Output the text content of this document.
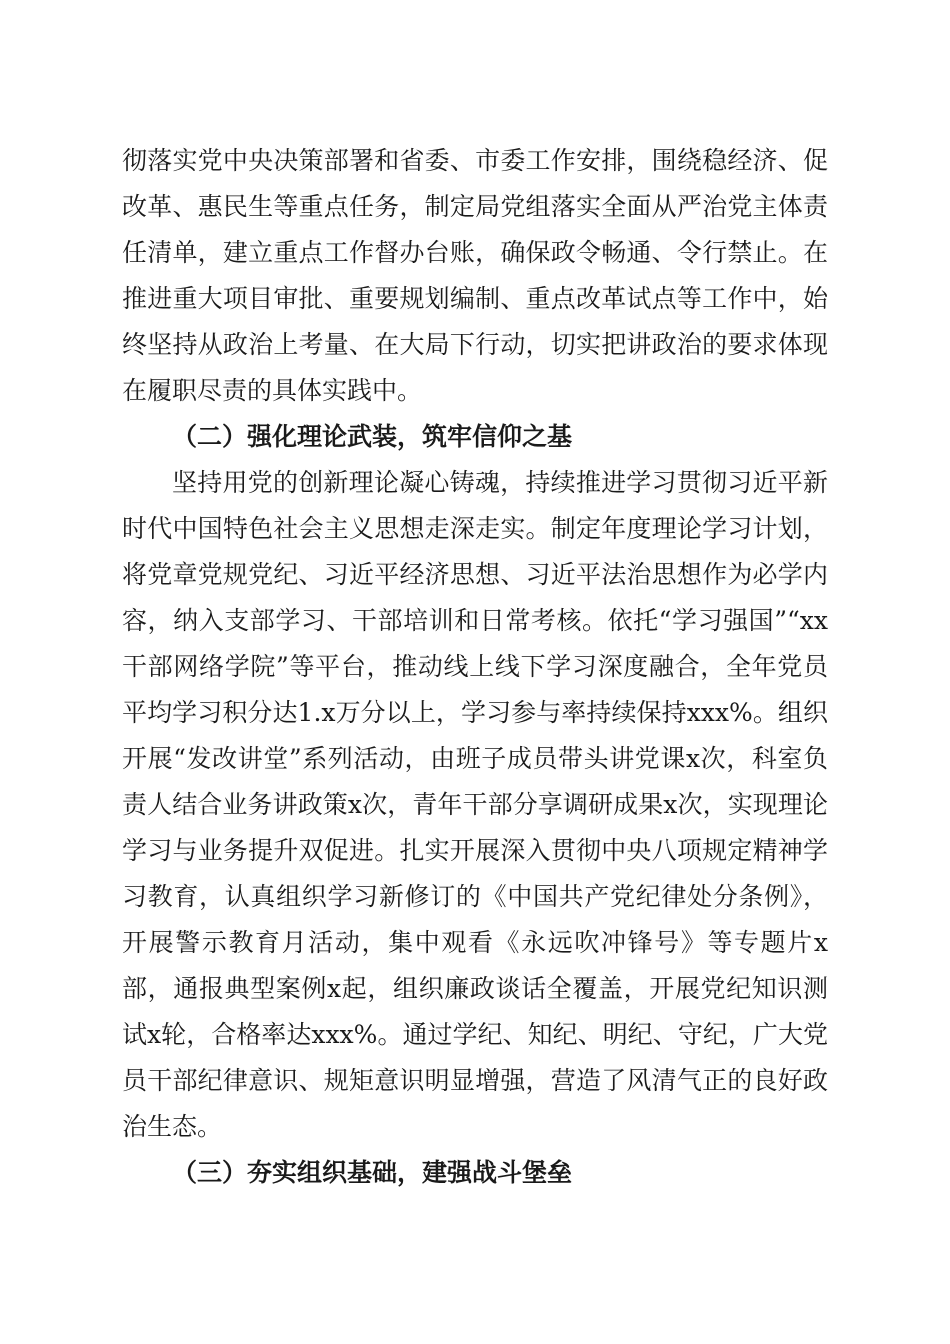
彻落实党中央决策部署和省委、市委工作安排，围绕稳经济、促改革、惠民生等重点任务，制定局党组落实全面从严治党主体责任清单，建立重点工作督办台账，确保政令畅通、令行禁止。在推进重大项目审批、重要规划编制、重点改革试点等工作中，始终坚持从政治上考量、在大局下行动，切实把讲政治的要求体现在履职尽责的具体实践中。

（二）强化理论武装，筑牢信仰之基

坚持用党的创新理论凝心铸魂，持续推进学习贯彻习近平新时代中国特色社会主义思想走深走实。制定年度理论学习计划，将党章党规党纪、习近平经济思想、习近平法治思想作为必学内容，纳入支部学习、干部培训和日常考核。依托“学习强国”“xx干部网络学院”等平台，推动线上线下学习深度融合，全年党员平均学习积分达1.x万分以上，学习参与率持续保持xxx%。组织开展“发改讲堂”系列活动，由班子成员带头讲党课x次，科室负责人结合业务讲政策x次，青年干部分享调研成果x次，实现理论学习与业务提升双促进。扎实开展深入贯彻中央八项规定精神学习教育，认真组织学习新修订的《中国共产党纪律处分条例》，开展警示教育月活动，集中观看《永远吹冲锋号》等专题片x部，通报典型案例x起，组织廉政谈话全覆盖，开展党纪知识测试x轮，合格率达xxx%。通过学纪、知纪、明纪、守纪，广大党员干部纪律意识、规矩意识明显增强，营造了风清气正的良好政治生态。

（三）夯实组织基础，建强战斗堡垒
